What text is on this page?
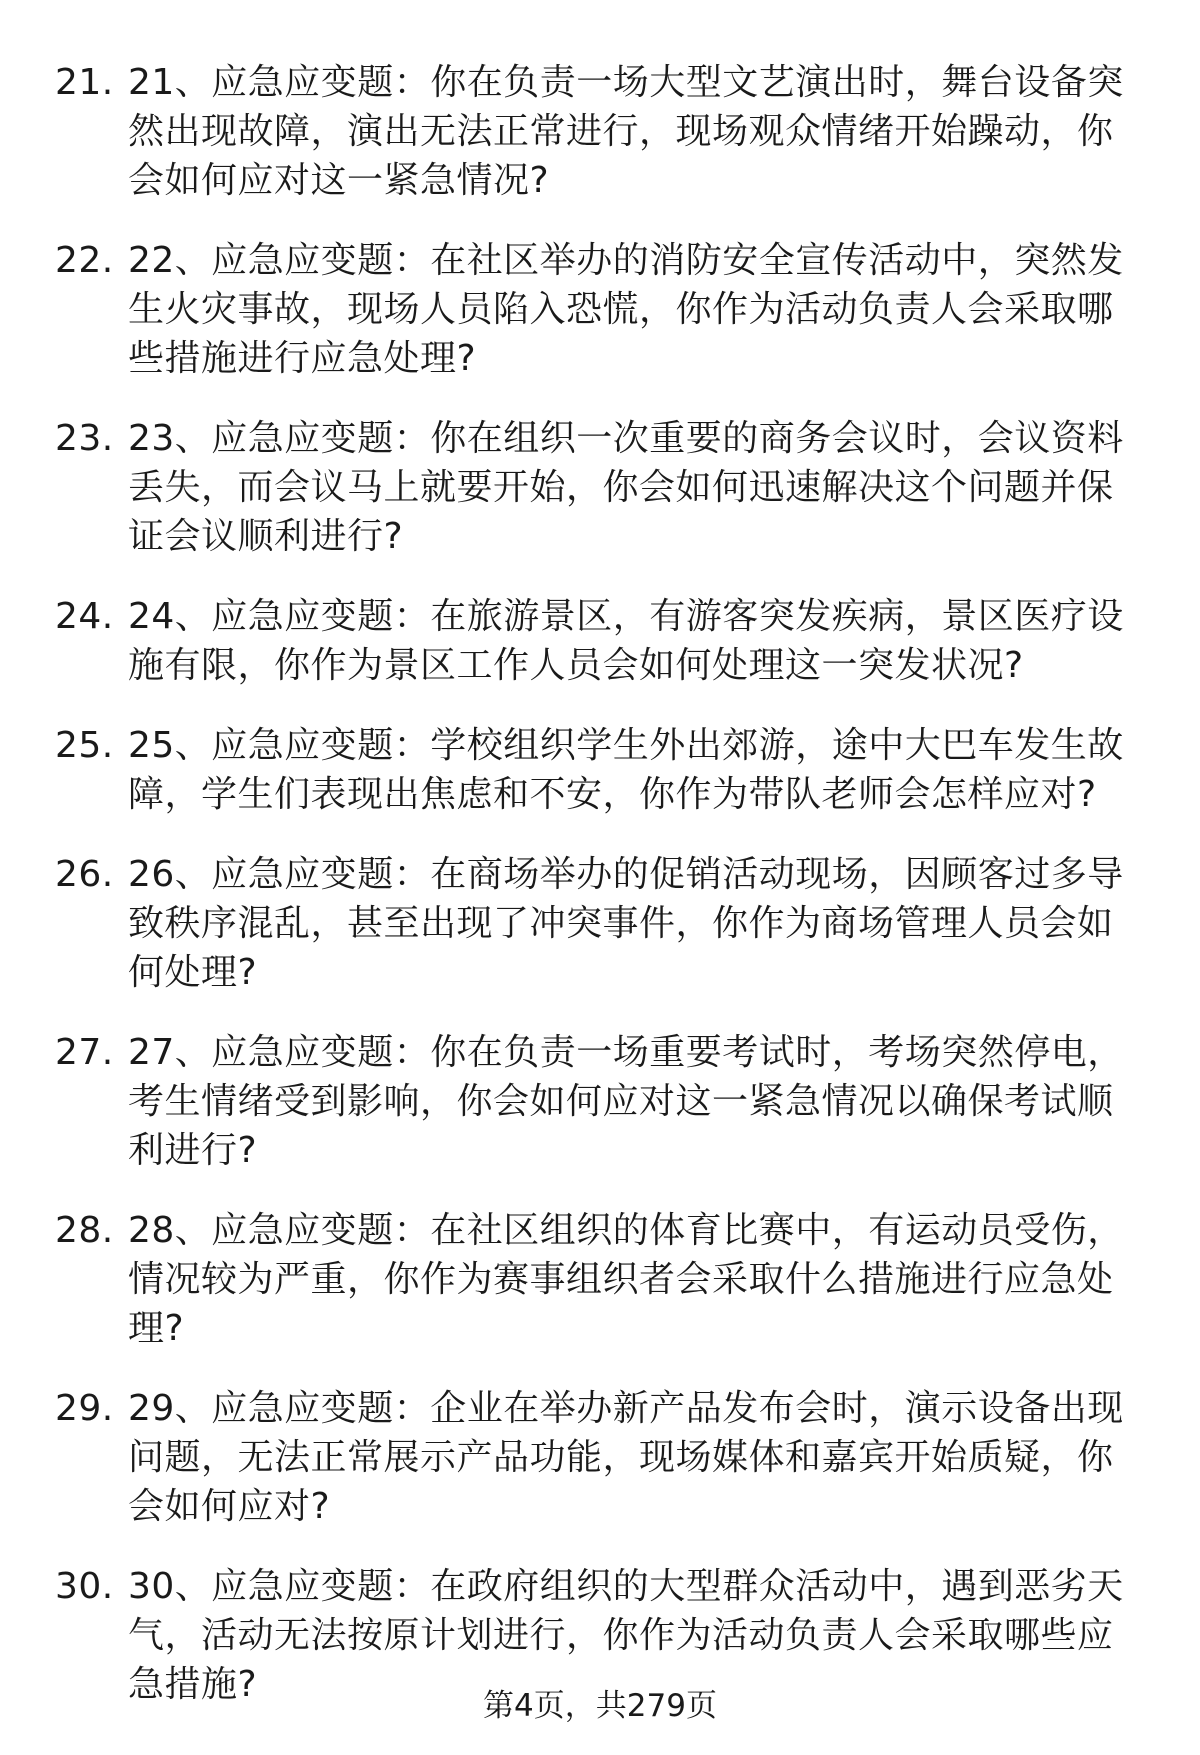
21. 21、应急应变题：你在负责一场大型文艺演出时，舞台设备突然出现故障，演出无法正常进行，现场观众情绪开始躁动，你会如何应对这一紧急情况?
22. 22、应急应变题：在社区举办的消防安全宣传活动中，突然发生火灾事故，现场人员陷入恐慌，你作为活动负责人会采取哪些措施进行应急处理?
23. 23、应急应变题：你在组织一次重要的商务会议时，会议资料丢失，而会议马上就要开始，你会如何迅速解决这个问题并保证会议顺利进行?
24. 24、应急应变题：在旅游景区，有游客突发疾病，景区医疗设施有限，你作为景区工作人员会如何处理这一突发状况?
25. 25、应急应变题：学校组织学生外出郊游，途中大巴车发生故障，学生们表现出焦虑和不安，你作为带队老师会怎样应对?
26. 26、应急应变题：在商场举办的促销活动现场，因顾客过多导致秩序混乱，甚至出现了冲突事件，你作为商场管理人员会如何处理?
27. 27、应急应变题：你在负责一场重要考试时，考场突然停电，考生情绪受到影响，你会如何应对这一紧急情况以确保考试顺利进行?
28. 28、应急应变题：在社区组织的体育比赛中，有运动员受伤，情况较为严重，你作为赛事组织者会采取什么措施进行应急处理?
29. 29、应急应变题：企业在举办新产品发布会时，演示设备出现问题，无法正常展示产品功能，现场媒体和嘉宾开始质疑，你会如何应对?
30. 30、应急应变题：在政府组织的大型群众活动中，遇到恶劣天气，活动无法按原计划进行，你作为活动负责人会采取哪些应急措施?
第4页，共279页
